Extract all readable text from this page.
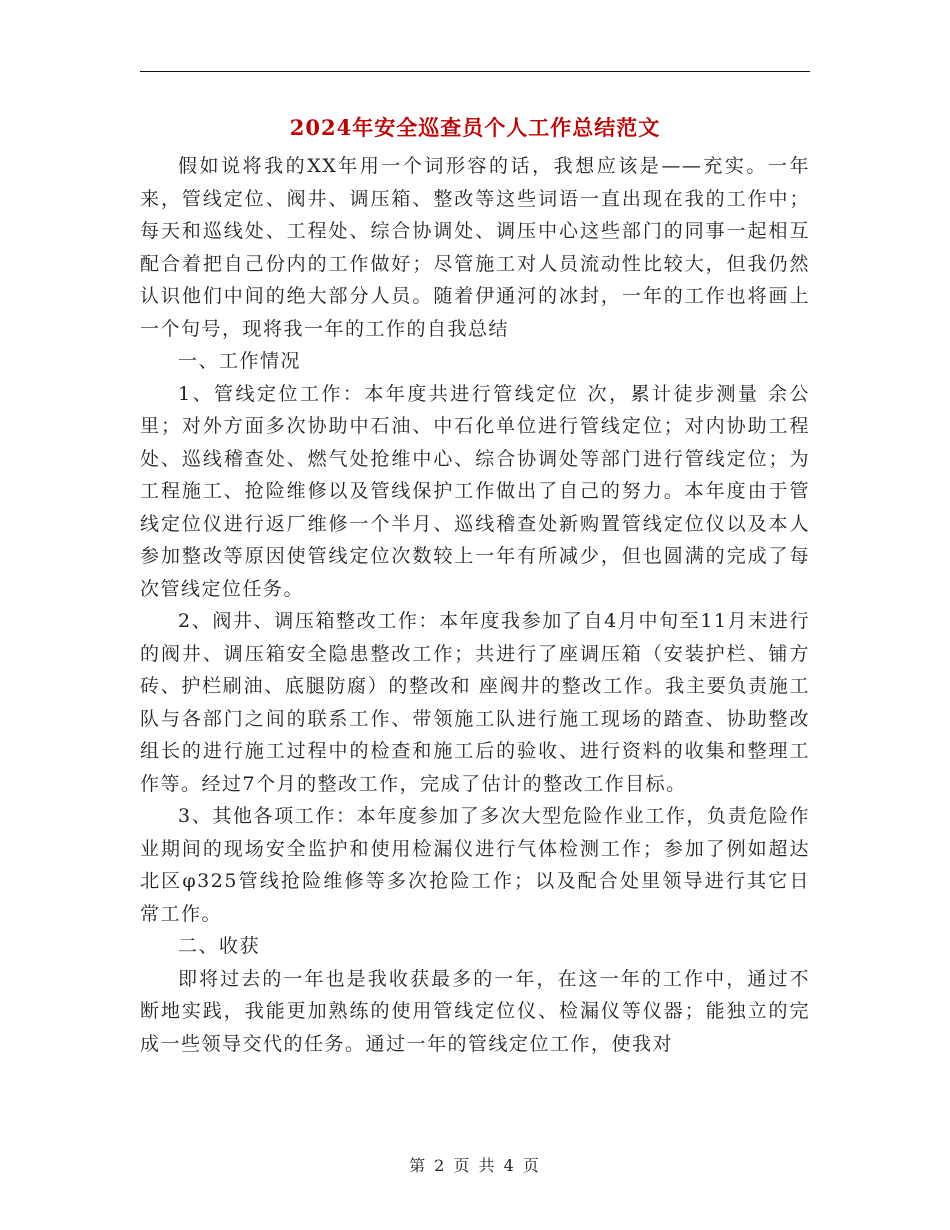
2024年安全巡查员个人工作总结范文

假如说将我的XX年用一个词形容的话，我想应该是——充实。一年来，管线定位、阀井、调压箱、整改等这些词语一直出现在我的工作中；每天和巡线处、工程处、综合协调处、调压中心这些部门的同事一起相互配合着把自己份内的工作做好；尽管施工对人员流动性比较大，但我仍然认识他们中间的绝大部分人员。随着伊通河的冰封，一年的工作也将画上一个句号，现将我一年的工作的自我总结

一、工作情况

1、管线定位工作：本年度共进行管线定位 次，累计徒步测量 余公里；对外方面多次协助中石油、中石化单位进行管线定位；对内协助工程处、巡线稽查处、燃气处抢维中心、综合协调处等部门进行管线定位；为工程施工、抢险维修以及管线保护工作做出了自己的努力。本年度由于管线定位仪进行返厂维修一个半月、巡线稽查处新购置管线定位仪以及本人参加整改等原因使管线定位次数较上一年有所减少，但也圆满的完成了每次管线定位任务。

2、阀井、调压箱整改工作：本年度我参加了自4月中旬至11月末进行的阀井、调压箱安全隐患整改工作；共进行了座调压箱（安装护栏、铺方砖、护栏刷油、底腿防腐）的整改和 座阀井的整改工作。我主要负责施工队与各部门之间的联系工作、带领施工队进行施工现场的踏查、协助整改组长的进行施工过程中的检查和施工后的验收、进行资料的收集和整理工作等。经过7个月的整改工作，完成了估计的整改工作目标。

3、其他各项工作：本年度参加了多次大型危险作业工作，负责危险作业期间的现场安全监护和使用检漏仪进行气体检测工作；参加了例如超达北区φ325管线抢险维修等多次抢险工作；以及配合处里领导进行其它日常工作。

二、收获

即将过去的一年也是我收获最多的一年，在这一年的工作中，通过不断地实践，我能更加熟练的使用管线定位仪、检漏仪等仪器；能独立的完成一些领导交代的任务。通过一年的管线定位工作，使我对

第 2 页 共 4 页
